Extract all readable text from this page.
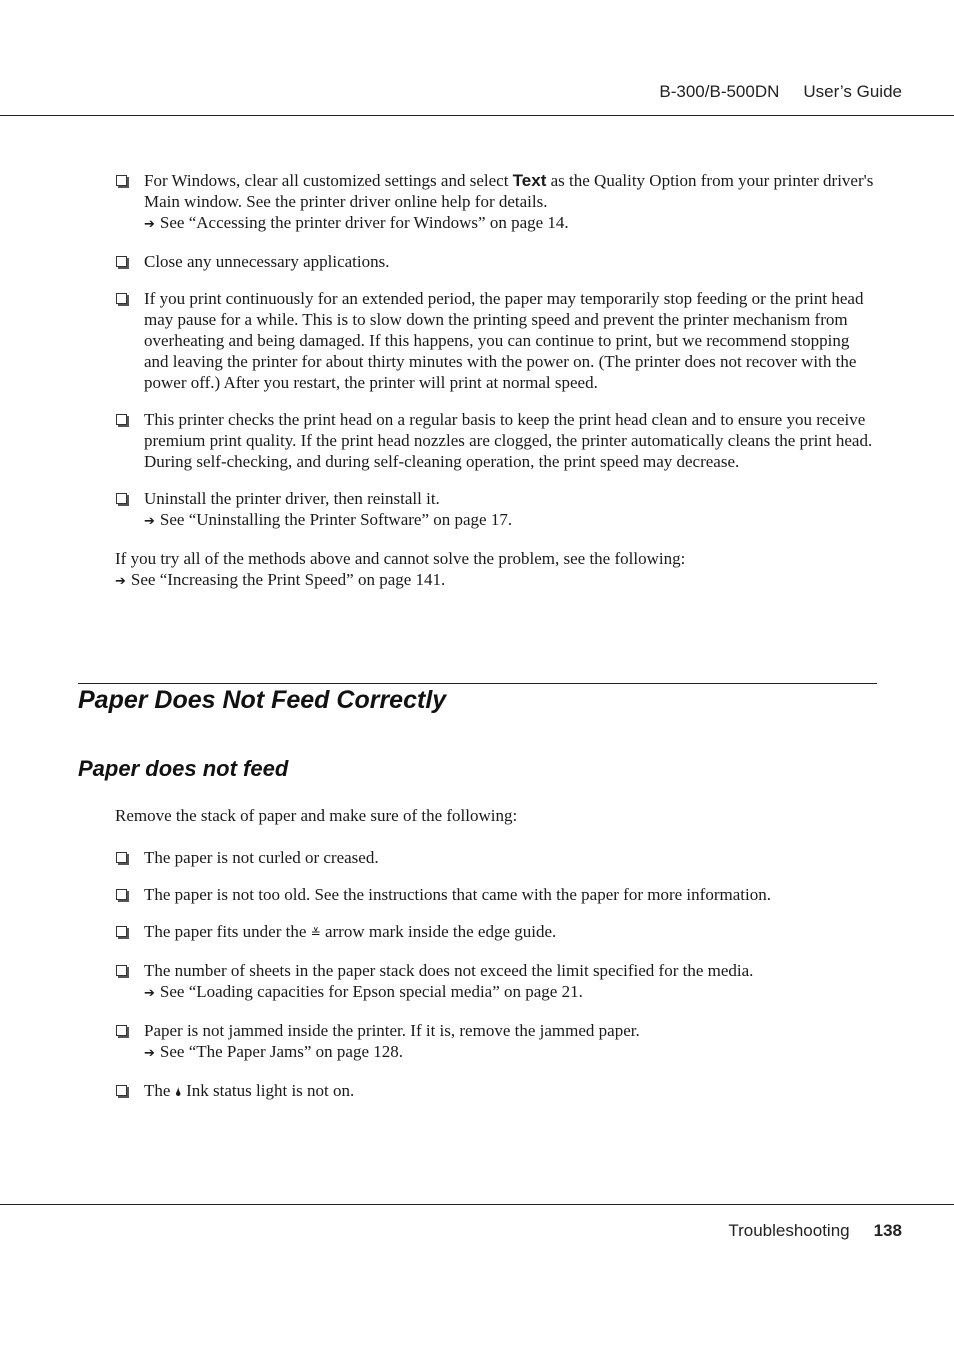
B-300/B-500DN User’s Guide
For Windows, clear all customized settings and select Text as the Quality Option from your printer driver's Main window. See the printer driver online help for details.
➔ See “Accessing the printer driver for Windows” on page 14.
Close any unnecessary applications.
If you print continuously for an extended period, the paper may temporarily stop feeding or the print head may pause for a while. This is to slow down the printing speed and prevent the printer mechanism from overheating and being damaged. If this happens, you can continue to print, but we recommend stopping and leaving the printer for about thirty minutes with the power on. (The printer does not recover with the power off.) After you restart, the printer will print at normal speed.
This printer checks the print head on a regular basis to keep the print head clean and to ensure you receive premium print quality. If the print head nozzles are clogged, the printer automatically cleans the print head. During self-checking, and during self-cleaning operation, the print speed may decrease.
Uninstall the printer driver, then reinstall it.
➔ See “Uninstalling the Printer Software” on page 17.
If you try all of the methods above and cannot solve the problem, see the following:
➔ See “Increasing the Print Speed” on page 141.
Paper Does Not Feed Correctly
Paper does not feed
Remove the stack of paper and make sure of the following:
The paper is not curled or creased.
The paper is not too old. See the instructions that came with the paper for more information.
The paper fits under the ≚ arrow mark inside the edge guide.
The number of sheets in the paper stack does not exceed the limit specified for the media.
➔ See “Loading capacities for Epson special media” on page 21.
Paper is not jammed inside the printer. If it is, remove the jammed paper.
➔ See “The Paper Jams” on page 128.
The 🌢 Ink status light is not on.
Troubleshooting 138
